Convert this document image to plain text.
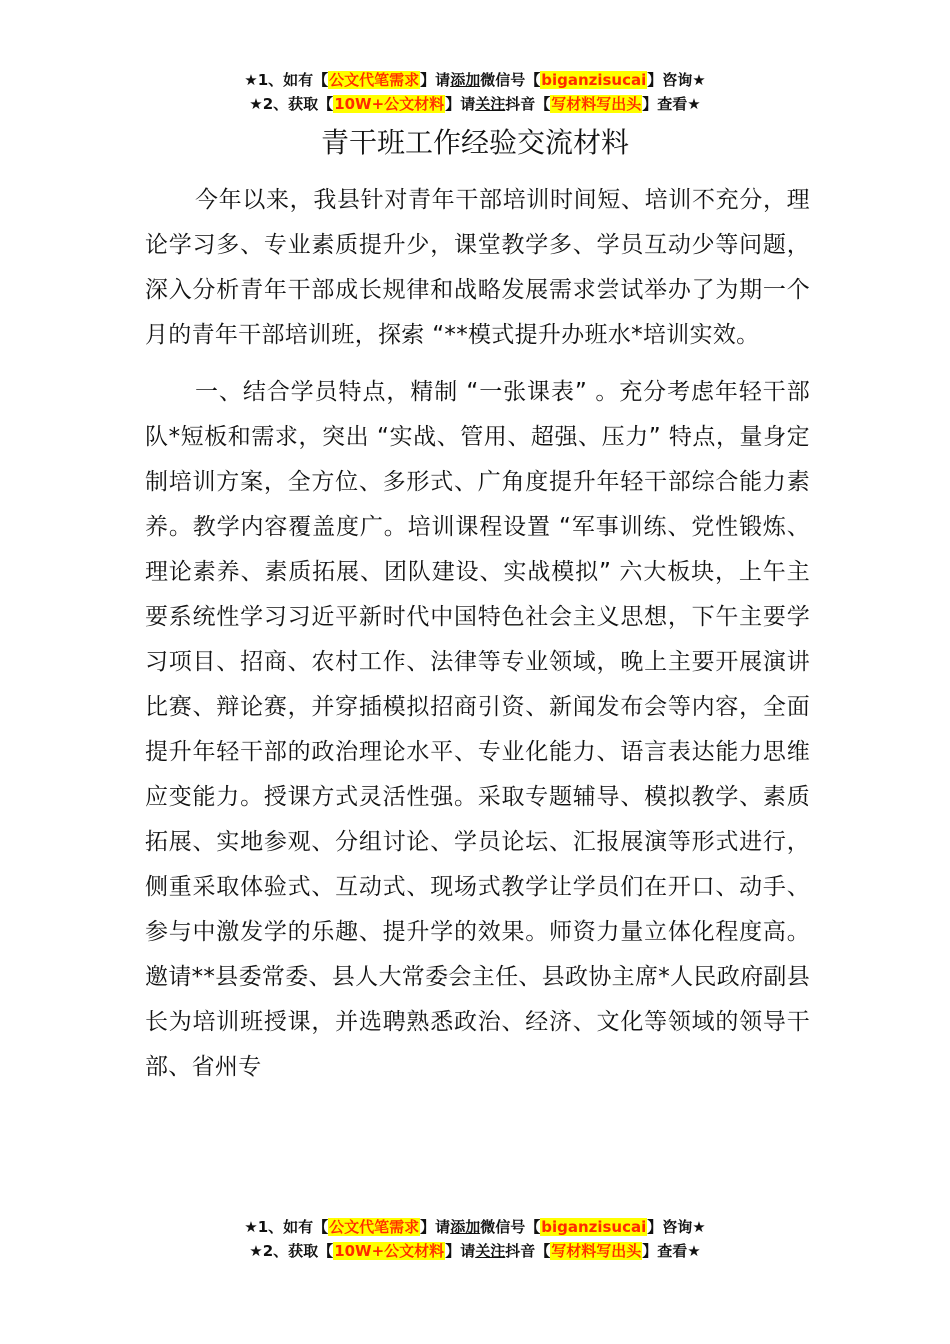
★1、如有【公文代笔需求】请添加微信号【biganzisucai】咨询★
★2、获取【10W+公文材料】请关注抖音【写材料写出头】查看★
青干班工作经验交流材料

今年以来，我县针对青年干部培训时间短、培训不充分，理论学习多、专业素质提升少，课堂教学多、学员互动少等问题，深入分析青年干部成长规律和战略发展需求尝试举办了为期一个月的青年干部培训班，探索 “**模式提升办班水*培训实效。

一、结合学员特点，精制 “一张课表” 。充分考虑年轻干部队*短板和需求，突出 “实战、管用、超强、压力” 特点，量身定制培训方案，全方位、多形式、广角度提升年轻干部综合能力素养。教学内容覆盖度广。培训课程设置 “军事训练、党性锻炼、理论素养、素质拓展、团队建设、实战模拟” 六大板块，上午主要系统性学习习近平新时代中国特色社会主义思想，下午主要学习项目、招商、农村工作、法律等专业领域，晚上主要开展演讲比赛、辩论赛，并穿插模拟招商引资、新闻发布会等内容，全面提升年轻干部的政治理论水平、专业化能力、语言表达能力思维应变能力。授课方式灵活性强。采取专题辅导、模拟教学、素质拓展、实地参观、分组讨论、学员论坛、汇报展演等形式进行，侧重采取体验式、互动式、现场式教学让学员们在开口、动手、参与中激发学的乐趣、提升学的效果。师资力量立体化程度高。邀请**县委常委、县人大常委会主任、县政协主席*人民政府副县长为培训班授课，并选聘熟悉政治、经济、文化等领域的领导干部、省州专

★1、如有【公文代笔需求】请添加微信号【biganzisucai】咨询★
★2、获取【10W+公文材料】请关注抖音【写材料写出头】查看★
